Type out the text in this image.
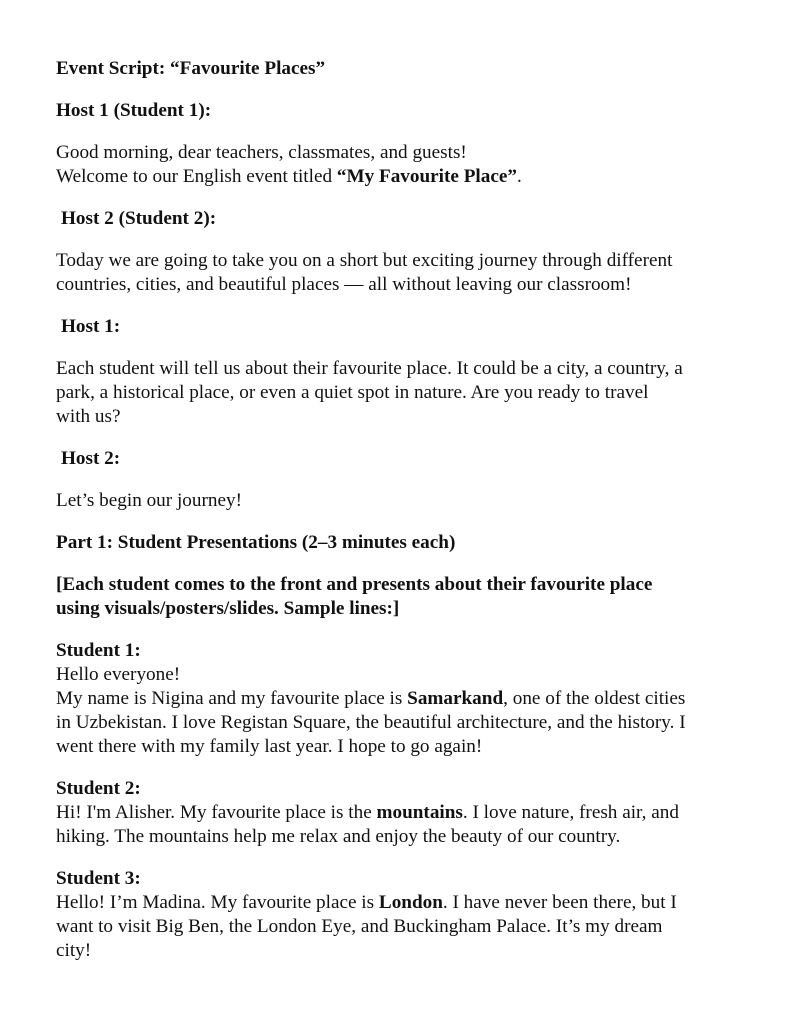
Event Script: “Favourite Places”

Host 1 (Student 1):

Good morning, dear teachers, classmates, and guests!

Welcome to our English event titled “My Favourite Place”.

Host 2 (Student 2):

Today we are going to take you on a short but exciting journey through different

countries, cities, and beautiful places — all without leaving our classroom!

Host 1:

Each student will tell us about their favourite place. It could be a city, a country, a

park, a historical place, or even a quiet spot in nature. Are you ready to travel

with us?

Host 2:

Let’s begin our journey!

Part 1: Student Presentations (2–3 minutes each)

[Each student comes to the front and presents about their favourite place

using visuals/posters/slides. Sample lines:]

Student 1:

Hello everyone!

My name is Nigina and my favourite place is Samarkand, one of the oldest cities

in Uzbekistan. I love Registan Square, the beautiful architecture, and the history. I

went there with my family last year. I hope to go again!

Student 2:

Hi! I'm Alisher. My favourite place is the mountains. I love nature, fresh air, and

hiking. The mountains help me relax and enjoy the beauty of our country.

Student 3:

Hello! I’m Madina. My favourite place is London. I have never been there, but I

want to visit Big Ben, the London Eye, and Buckingham Palace. It’s my dream

city!
